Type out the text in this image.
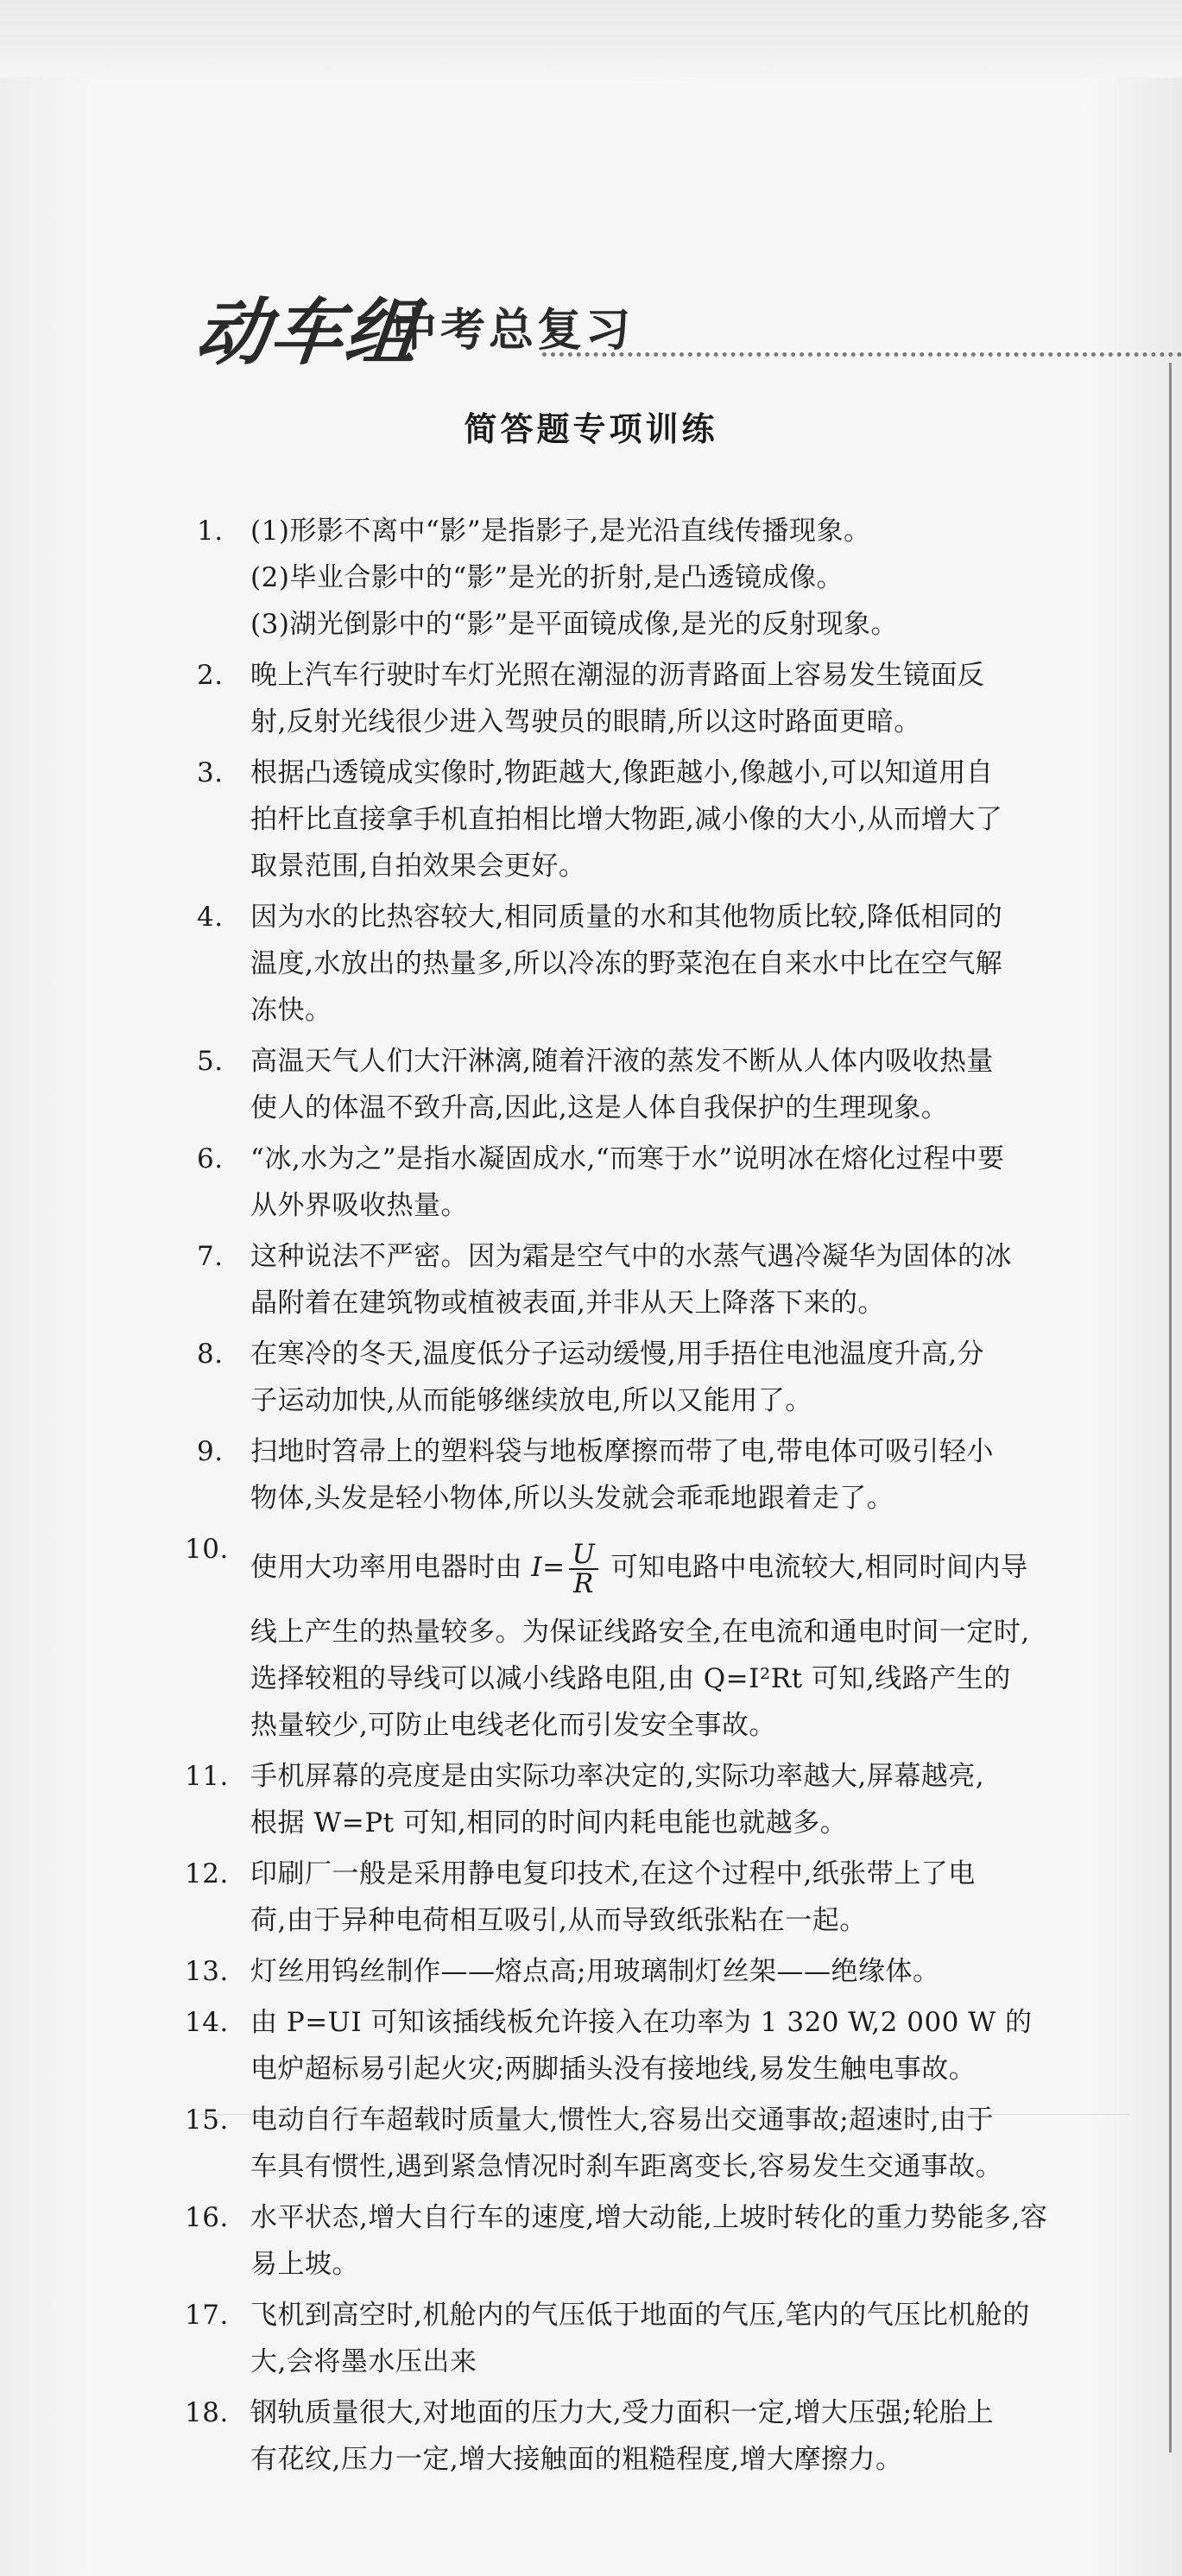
动车组
中考总复习
简答题专项训练
1.	(1)形影不离中“影”是指影子,是光沿直线传播现象。
(2)毕业合影中的“影”是光的折射,是凸透镜成像。
(3)湖光倒影中的“影”是平面镜成像,是光的反射现象。
2.	晚上汽车行驶时车灯光照在潮湿的沥青路面上容易发生镜面反
射,反射光线很少进入驾驶员的眼睛,所以这时路面更暗。
3.	根据凸透镜成实像时,物距越大,像距越小,像越小,可以知道用自
拍杆比直接拿手机直拍相比增大物距,减小像的大小,从而增大了
取景范围,自拍效果会更好。
4.	因为水的比热容较大,相同质量的水和其他物质比较,降低相同的
温度,水放出的热量多,所以冷冻的野菜泡在自来水中比在空气解
冻快。
5.	高温天气人们大汗淋漓,随着汗液的蒸发不断从人体内吸收热量
使人的体温不致升高,因此,这是人体自我保护的生理现象。
6.	“冰,水为之”是指水凝固成水,“而寒于水”说明冰在熔化过程中要
从外界吸收热量。
7.	这种说法不严密。因为霜是空气中的水蒸气遇冷凝华为固体的冰
晶附着在建筑物或植被表面,并非从天上降落下来的。
8.	在寒冷的冬天,温度低分子运动缓慢,用手捂住电池温度升高,分
子运动加快,从而能够继续放电,所以又能用了。
9.	扫地时笤帚上的塑料袋与地板摩擦而带了电,带电体可吸引轻小
物体,头发是轻小物体,所以头发就会乖乖地跟着走了。
10.
使用大功率用电器时由 $I= \frac{U}{R}$ 可知电路中电流较大,相同时间内导
线上产生的热量较多。为保证线路安全,在电流和通电时间一定时,
选择较粗的导线可以减小线路电阻,由 Q=I²Rt 可知,线路产生的
热量较少,可防止电线老化而引发安全事故。
11. 手机屏幕的亮度是由实际功率决定的,实际功率越大,屏幕越亮,
根据 W=Pt 可知,相同的时间内耗电能也就越多。
12. 印刷厂一般是采用静电复印技术,在这个过程中,纸张带上了电
荷,由于异种电荷相互吸引,从而导致纸张粘在一起。
13. 灯丝用钨丝制作——熔点高;用玻璃制灯丝架——绝缘体。
14. 由 P=UI 可知该插线板允许接入在功率为 1 320 W,2 000 W 的
电炉超标易引起火灾;两脚插头没有接地线,易发生触电事故。
15. 电动自行车超载时质量大,惯性大,容易出交通事故;超速时,由于
车具有惯性,遇到紧急情况时刹车距离变长,容易发生交通事故。
16. 水平状态,增大自行车的速度,增大动能,上坡时转化的重力势能多,容
易上坡。
17. 飞机到高空时,机舱内的气压低于地面的气压,笔内的气压比机舱的
大,会将墨水压出来
18. 钢轨质量很大,对地面的压力大,受力面积一定,增大压强;轮胎上
有花纹,压力一定,增大接触面的粗糙程度,增大摩擦力。
